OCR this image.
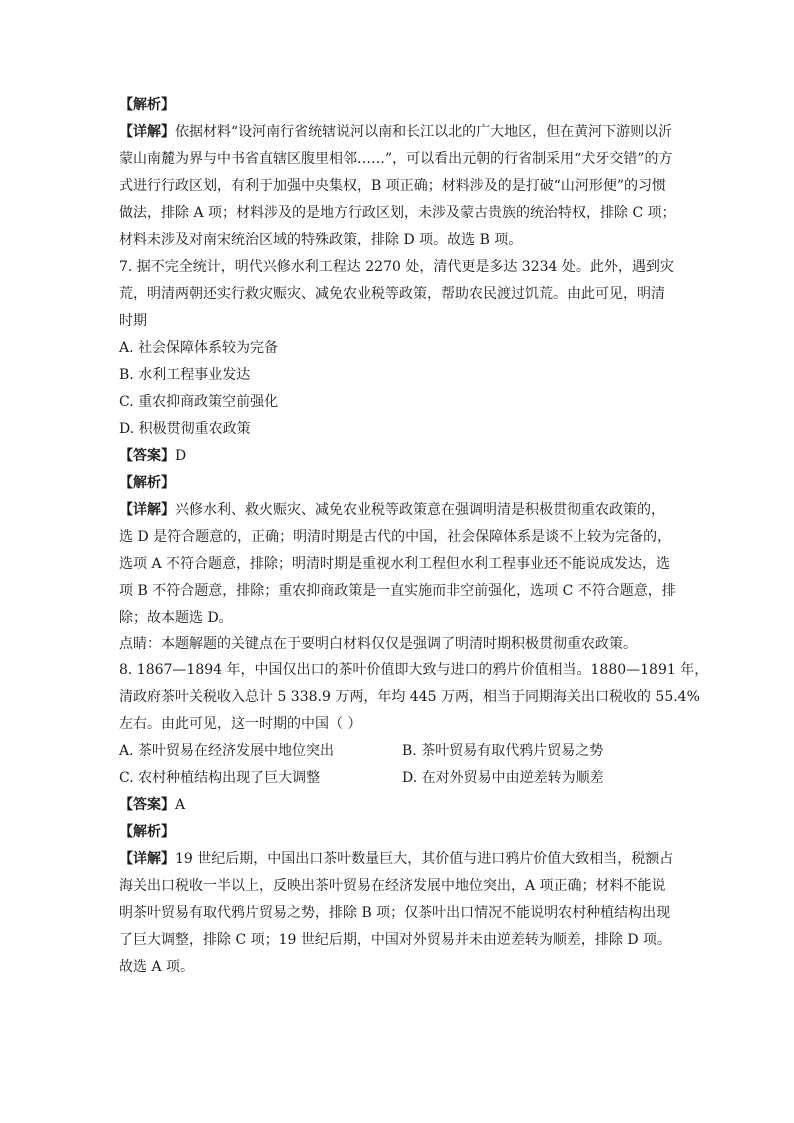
【解析】
【详解】依据材料“设河南行省统辖说河以南和长江以北的广大地区，但在黄河下游则以沂
蒙山南麓为界与中书省直辖区腹里相邻……”，可以看出元朝的行省制采用“犬牙交错”的方
式进行行政区划，有利于加强中央集权，B 项正确；材料涉及的是打破“山河形便”的习惯
做法，排除 A 项；材料涉及的是地方行政区划，未涉及蒙古贵族的统治特权，排除 C 项；
材料未涉及对南宋统治区域的特殊政策，排除 D 项。故选 B 项。
7. 据不完全统计，明代兴修水利工程达 2270 处，清代更是多达 3234 处。此外，遇到灾
荒，明清两朝还实行救灾赈灾、减免农业税等政策，帮助农民渡过饥荒。由此可见，明清
时期
A. 社会保障体系较为完备
B. 水利工程事业发达
C. 重农抑商政策空前强化
D. 积极贯彻重农政策
【答案】D
【解析】
【详解】兴修水利、救火赈灾、减免农业税等政策意在强调明清是积极贯彻重农政策的，
选 D 是符合题意的，正确；明清时期是古代的中国，社会保障体系是谈不上较为完备的，
选项 A 不符合题意，排除；明清时期是重视水利工程但水利工程事业还不能说成发达，选
项 B 不符合题意，排除；重农抑商政策是一直实施而非空前强化，选项 C 不符合题意，排
除；故本题选 D。
点睛：本题解题的关键点在于要明白材料仅仅是强调了明清时期积极贯彻重农政策。
8. 1867—1894 年，中国仅出口的茶叶价值即大致与进口的鸦片价值相当。1880—1891 年，
清政府茶叶关税收入总计 5 338.9 万两，年均 445 万两，相当于同期海关出口税收的 55.4%
左右。由此可见，这一时期的中国（ ）
A. 茶叶贸易在经济发展中地位突出	B. 茶叶贸易有取代鸦片贸易之势
C. 农村种植结构出现了巨大调整	D. 在对外贸易中由逆差转为顺差
【答案】A
【解析】
【详解】19 世纪后期，中国出口茶叶数量巨大，其价值与进口鸦片价值大致相当，税额占
海关出口税收一半以上，反映出茶叶贸易在经济发展中地位突出，A 项正确；材料不能说
明茶叶贸易有取代鸦片贸易之势，排除 B 项；仅茶叶出口情况不能说明农村种植结构出现
了巨大调整，排除 C 项；19 世纪后期，中国对外贸易并未由逆差转为顺差，排除 D 项。
故选 A 项。
